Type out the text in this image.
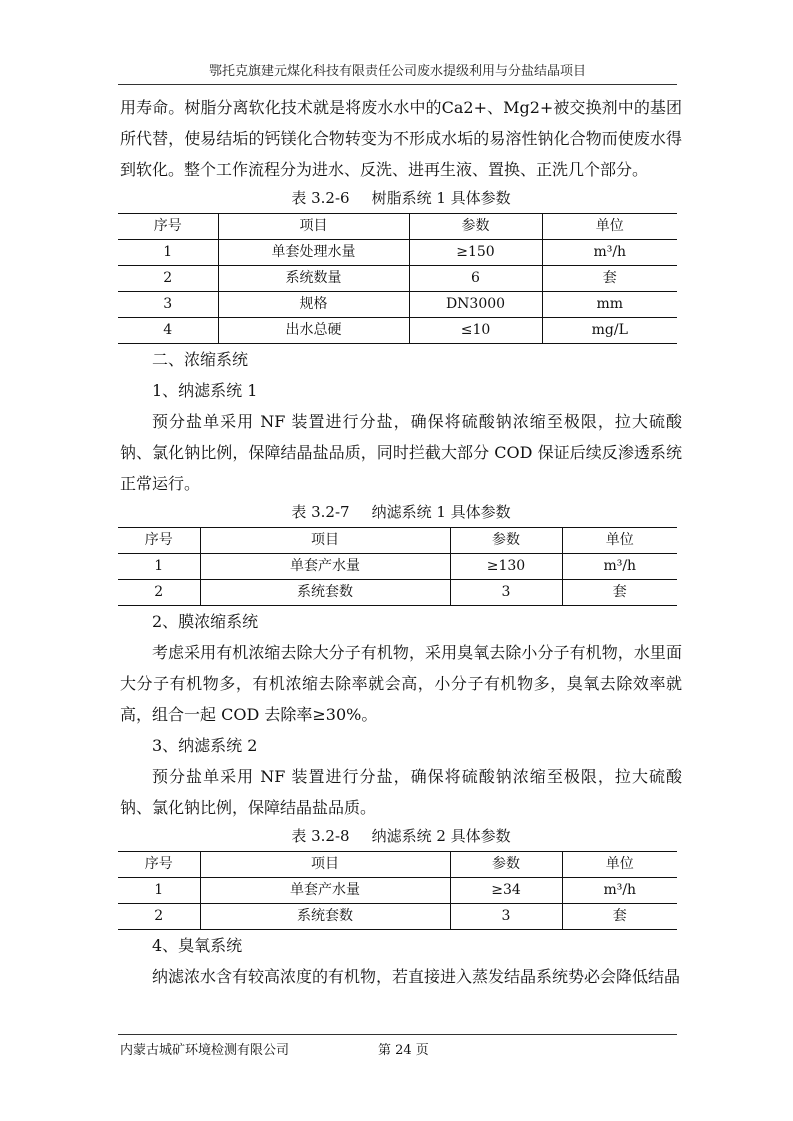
鄂托克旗建元煤化科技有限责任公司废水提级利用与分盐结晶项目

用寿命。树脂分离软化技术就是将废水水中的Ca2+、Mg2+被交换剂中的基团所代替，使易结垢的钙镁化合物转变为不形成水垢的易溶性钠化合物而使废水得到软化。整个工作流程分为进水、反洗、进再生液、置换、正洗几个部分。

表 3.2-6 树脂系统 1 具体参数
序号	项目	参数	单位
1	单套处理水量	≥150	m³/h
2	系统数量	6	套
3	规格	DN3000	mm
4	出水总硬	≤10	mg/L

二、浓缩系统

1、纳滤系统 1

预分盐单采用 NF 装置进行分盐，确保将硫酸钠浓缩至极限，拉大硫酸钠、氯化钠比例，保障结晶盐品质，同时拦截大部分 COD 保证后续反渗透系统正常运行。

表 3.2-7 纳滤系统 1 具体参数
序号	项目	参数	单位
1	单套产水量	≥130	m³/h
2	系统套数	3	套

2、膜浓缩系统

考虑采用有机浓缩去除大分子有机物，采用臭氧去除小分子有机物，水里面大分子有机物多，有机浓缩去除率就会高，小分子有机物多，臭氧去除效率就高，组合一起 COD 去除率≥30%。

3、纳滤系统 2

预分盐单采用 NF 装置进行分盐，确保将硫酸钠浓缩至极限，拉大硫酸钠、氯化钠比例，保障结晶盐品质。

表 3.2-8 纳滤系统 2 具体参数
序号	项目	参数	单位
1	单套产水量	≥34	m³/h
2	系统套数	3	套

4、臭氧系统

纳滤浓水含有较高浓度的有机物，若直接进入蒸发结晶系统势必会降低结晶

内蒙古城矿环境检测有限公司	第 24 页
